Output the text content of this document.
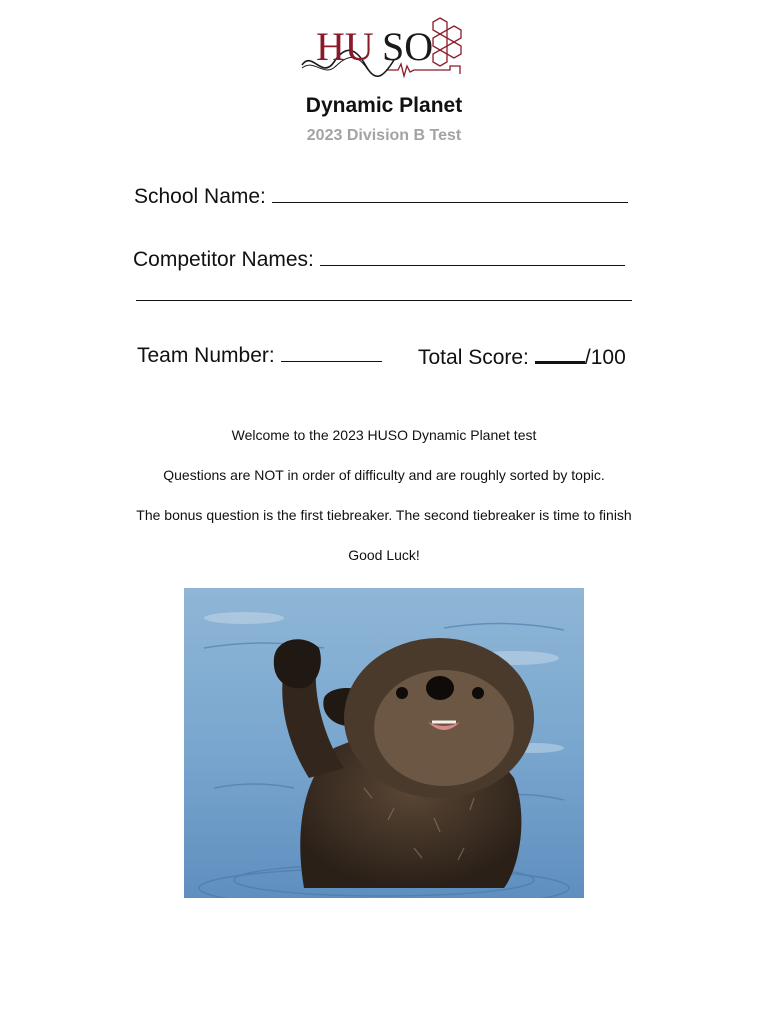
HU SO
Dynamic Planet
2023 Division B Test
School Name:
Competitor Names:
Team Number:	Total Score:	/100
Welcome to the 2023 HUSO Dynamic Planet test
Questions are NOT in order of difficulty and are roughly sorted by topic.
The bonus question is the first tiebreaker. The second tiebreaker is time to finish
Good Luck!
